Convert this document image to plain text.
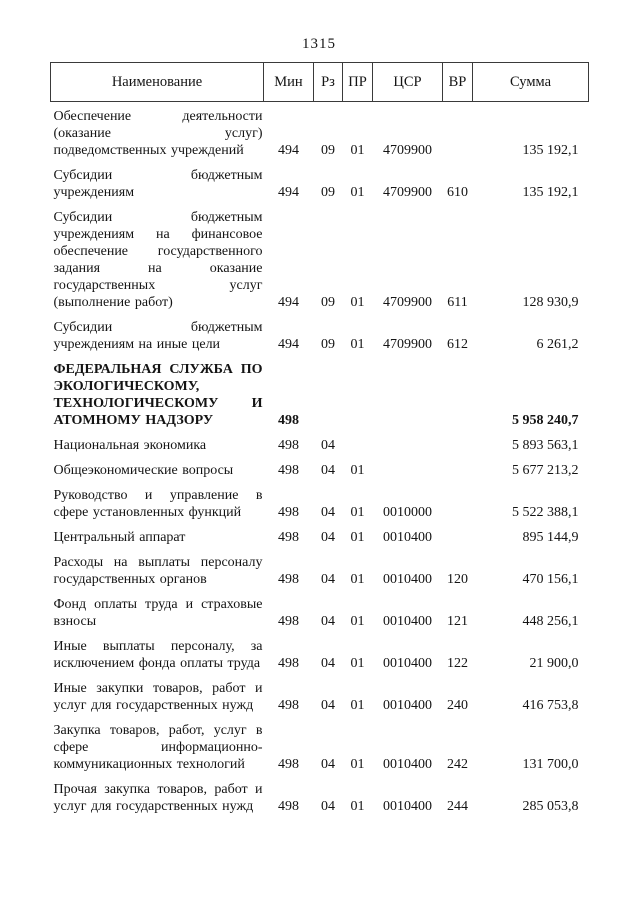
1315
Наименование	Мин	Рз	ПР	ЦСР	ВР	Сумма
Обеспечение деятельности (оказание услуг) подведомственных учреждений	494	09	01	4709900		135 192,1
Субсидии бюджетным учреждениям	494	09	01	4709900	610	135 192,1
Субсидии бюджетным учреждениям на финансовое обеспечение государственного задания на оказание государственных услуг (выполнение работ)	494	09	01	4709900	611	128 930,9
Субсидии бюджетным учреждениям на иные цели	494	09	01	4709900	612	6 261,2
ФЕДЕРАЛЬНАЯ СЛУЖБА ПО ЭКОЛОГИЧЕСКОМУ, ТЕХНОЛОГИЧЕСКОМУ И АТОМНОМУ НАДЗОРУ	498					5 958 240,7
Национальная экономика	498	04				5 893 563,1
Общеэкономические вопросы	498	04	01			5 677 213,2
Руководство и управление в сфере установленных функций	498	04	01	0010000		5 522 388,1
Центральный аппарат	498	04	01	0010400		895 144,9
Расходы на выплаты персоналу государственных органов	498	04	01	0010400	120	470 156,1
Фонд оплаты труда и страховые взносы	498	04	01	0010400	121	448 256,1
Иные выплаты персоналу, за исключением фонда оплаты труда	498	04	01	0010400	122	21 900,0
Иные закупки товаров, работ и услуг для государственных нужд	498	04	01	0010400	240	416 753,8
Закупка товаров, работ, услуг в сфере информационно-коммуникационных технологий	498	04	01	0010400	242	131 700,0
Прочая закупка товаров, работ и услуг для государственных нужд	498	04	01	0010400	244	285 053,8
